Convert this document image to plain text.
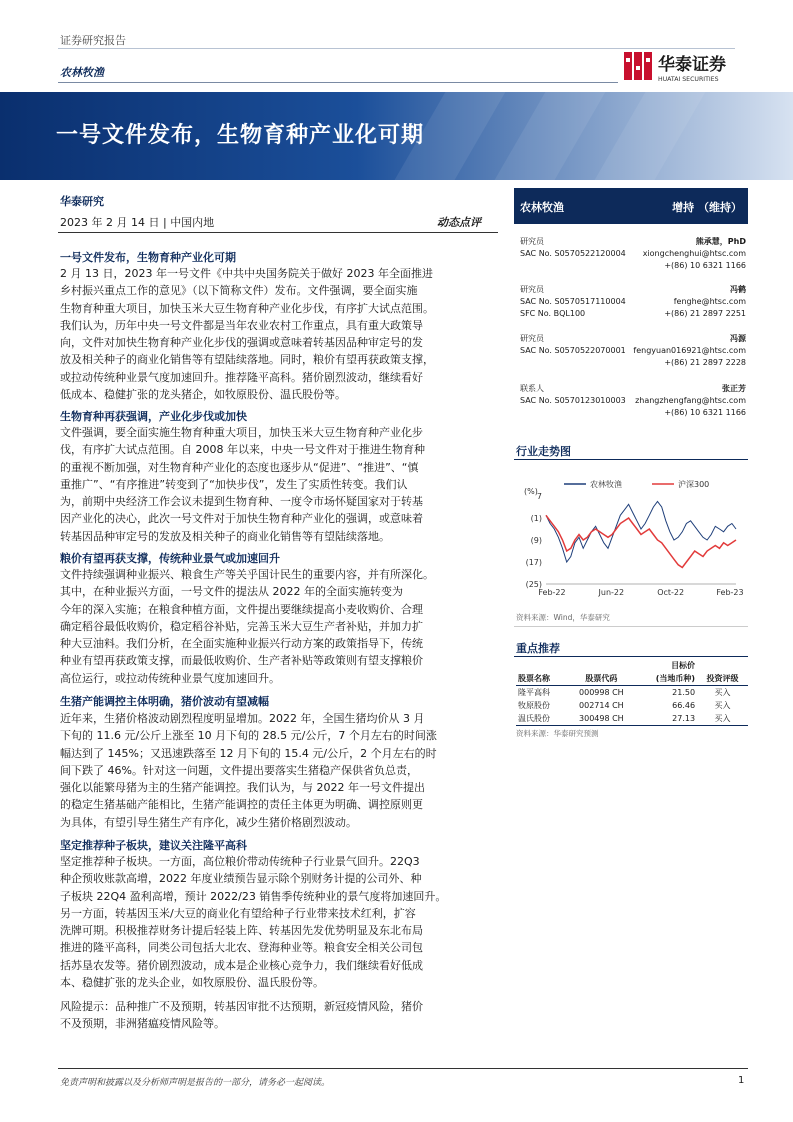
证券研究报告
农林牧渔	华泰证券
HUATAI SECURITIES
一号文件发布，生物育种产业化可期
华泰研究
2023 年 2 月 14 日 | 中国内地	动态点评
一号文件发布，生物育种产业化可期
2 月 13 日，2023 年一号文件《中共中央国务院关于做好 2023 年全面推进
乡村振兴重点工作的意见》（以下简称文件）发布。文件强调，要全面实施
生物育种重大项目，加快玉米大豆生物育种产业化步伐，有序扩大试点范围。
我们认为，历年中央一号文件都是当年农业农村工作重点，具有重大政策导
向，文件对加快生物育种产业化步伐的强调或意味着转基因品种审定号的发
放及相关种子的商业化销售等有望陆续落地。同时，粮价有望再获政策支撑，
或拉动传统种业景气度加速回升。推荐隆平高科。猪价剧烈波动，继续看好
低成本、稳健扩张的龙头猪企，如牧原股份、温氏股份等。
生物育种再获强调，产业化步伐或加快
文件强调，要全面实施生物育种重大项目，加快玉米大豆生物育种产业化步
伐，有序扩大试点范围。自 2008 年以来，中央一号文件对于推进生物育种
的重视不断加强，对生物育种产业化的态度也逐步从“促进”、“推进”、“慎
重推广”、“有序推进”转变到了“加快步伐”，发生了实质性转变。我们认
为，前期中央经济工作会议未提到生物育种、一度令市场怀疑国家对于转基
因产业化的决心，此次一号文件对于加快生物育种产业化的强调，或意味着
转基因品种审定号的发放及相关种子的商业化销售等有望陆续落地。
粮价有望再获支撑，传统种业景气或加速回升
文件持续强调种业振兴、粮食生产等关乎国计民生的重要内容，并有所深化。
其中，在种业振兴方面，一号文件的提法从 2022 年的全面实施转变为
今年的深入实施；在粮食种植方面，文件提出要继续提高小麦收购价、合理
确定稻谷最低收购价，稳定稻谷补贴，完善玉米大豆生产者补贴，并加力扩
种大豆油料。我们分析，在全面实施种业振兴行动方案的政策指导下，传统
种业有望再获政策支撑，而最低收购价、生产者补贴等政策则有望支撑粮价
高位运行，或拉动传统种业景气度加速回升。
生猪产能调控主体明确，猪价波动有望减幅
近年来，生猪价格波动剧烈程度明显增加。2022 年，全国生猪均价从 3 月
下旬的 11.6 元/公斤上涨至 10 月下旬的 28.5 元/公斤，7 个月左右的时间涨
幅达到了 145%；又迅速跌落至 12 月下旬的 15.4 元/公斤，2 个月左右的时
间下跌了 46%。针对这一问题，文件提出要落实生猪稳产保供省负总责，
强化以能繁母猪为主的生猪产能调控。我们认为，与 2022 年一号文件提出
的稳定生猪基础产能相比，生猪产能调控的责任主体更为明确、调控原则更
为具体，有望引导生猪生产有序化，减少生猪价格剧烈波动。
坚定推荐种子板块，建议关注隆平高科
坚定推荐种子板块。一方面，高位粮价带动传统种子行业景气回升。22Q3
种企预收账款高增，2022 年度业绩预告显示除个别财务计提的公司外、种
子板块 22Q4 盈利高增，预计 2022/23 销售季传统种业的景气度将加速回升。
另一方面，转基因玉米/大豆的商业化有望给种子行业带来技术红利，扩容
洗牌可期。积极推荐财务计提后轻装上阵、转基因先发优势明显及东北布局
推进的隆平高科，同类公司包括大北农、登海种业等。粮食安全相关公司包
括苏垦农发等。猪价剧烈波动，成本是企业核心竞争力，我们继续看好低成
本、稳健扩张的龙头企业，如牧原股份、温氏股份等。
风险提示：品种推广不及预期，转基因审批不达预期，新冠疫情风险，猪价
不及预期，非洲猪瘟疫情风险等。
农林牧渔	增持 （维持）
研究员	熊承慧，PhD
SAC No. S0570522120004 xiongchenghui@htsc.com
+(86) 10 6321 1166
研究员	冯鹤
SAC No. S0570517110004	fenghe@htsc.com
SFC No. BQL100	+(86) 21 2897 2251
研究员	冯源
SAC No. S0570522070001 fengyuan016921@htsc.com
+(86) 21 2897 2228
联系人	张正芳
SAC No. S0570123010003 zhangzhengfang@htsc.com
+(86) 10 6321 1166
行业走势图
农林牧渔	沪深300
(%)
7
(1)
(9)
(17)
(25)
Feb-22	Jun-22	Oct-22	Feb-23
资料来源：Wind，华泰研究
重点推荐
		目标价	
股票名称	股票代码	(当地币种)	投资评级
隆平高科	000998 CH	21.50	买入
牧原股份	002714 CH	66.46	买入
温氏股份	300498 CH	27.13	买入
资料来源：华泰研究预测
免责声明和披露以及分析师声明是报告的一部分，请务必一起阅读。	1
